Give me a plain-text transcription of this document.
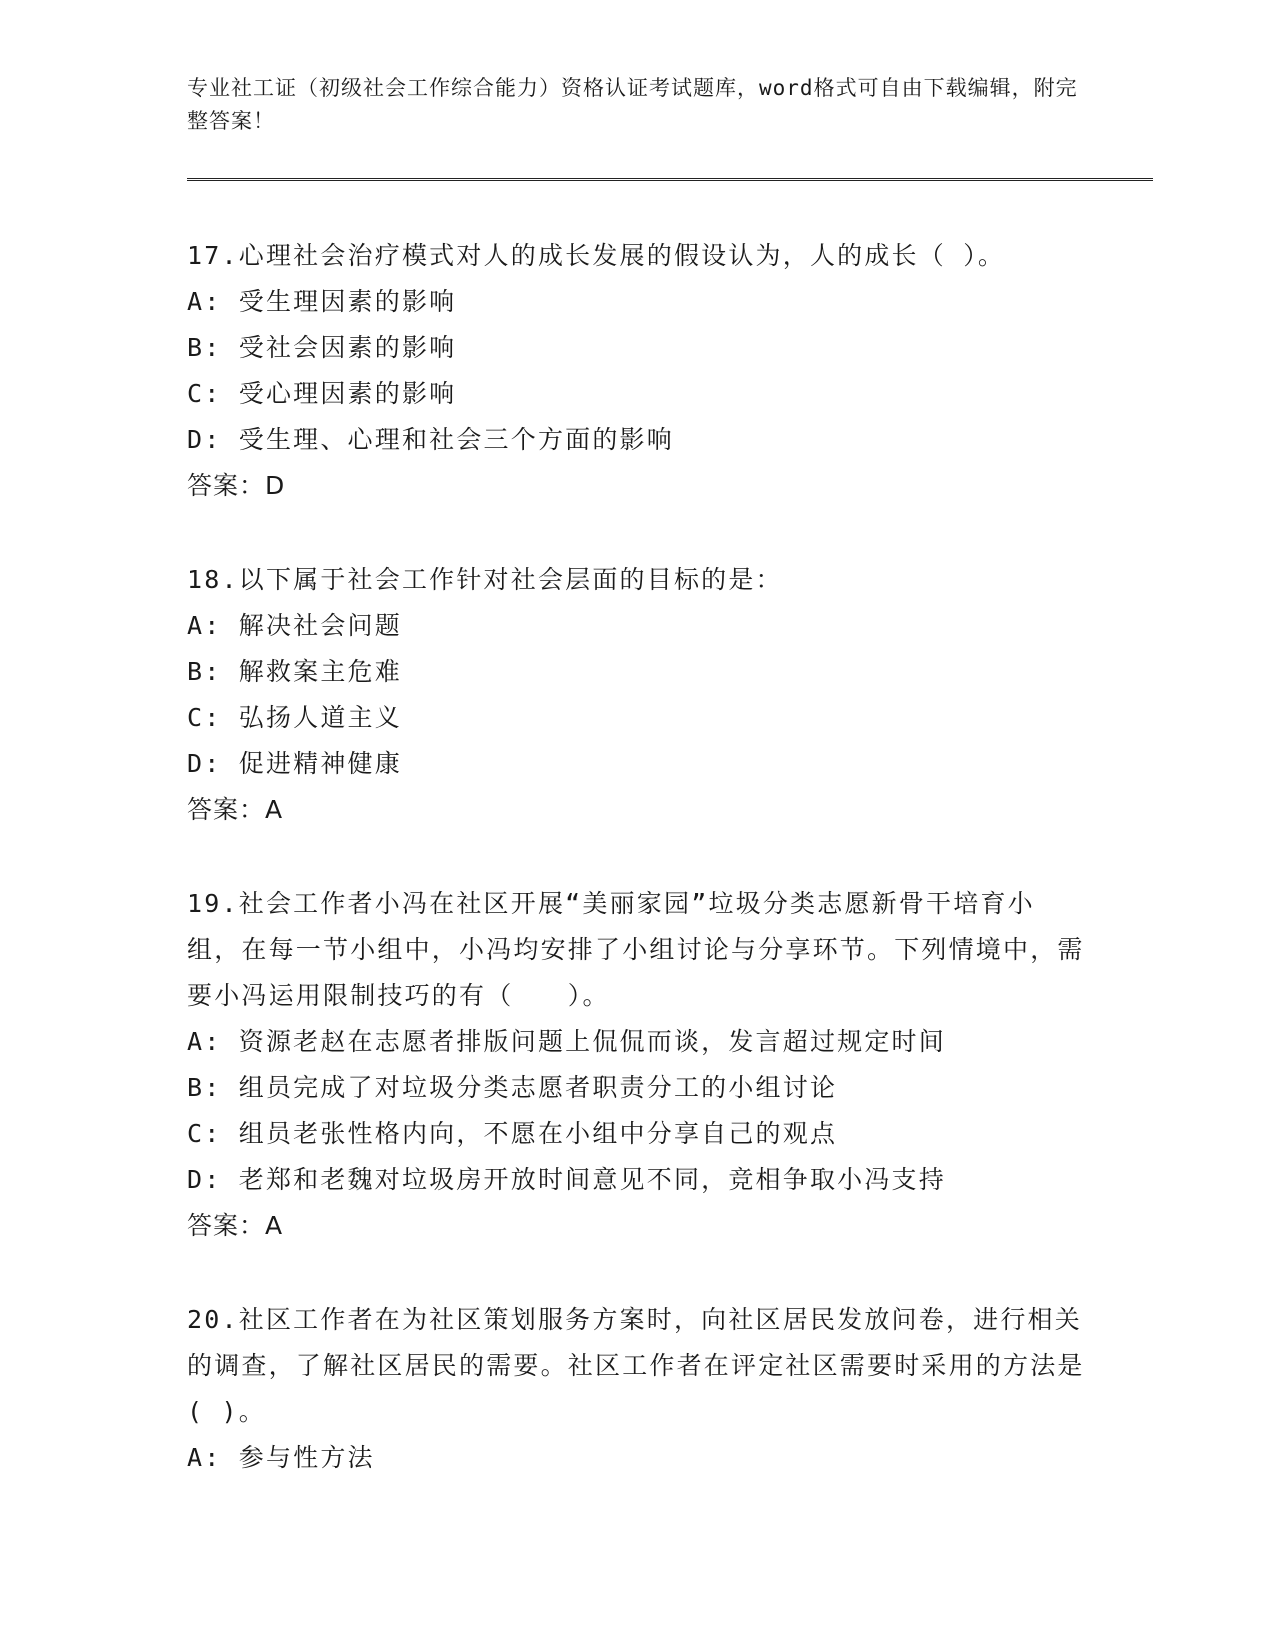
专业社工证（初级社会工作综合能力）资格认证考试题库，word格式可自由下载编辑，附完整答案！

17.心理社会治疗模式对人的成长发展的假设认为，人的成长（ ）。

A: 受生理因素的影响

B: 受社会因素的影响

C: 受心理因素的影响

D: 受生理、心理和社会三个方面的影响

答案：D

18.以下属于社会工作针对社会层面的目标的是：

A: 解决社会问题

B: 解救案主危难

C: 弘扬人道主义

D: 促进精神健康

答案：A

19.社会工作者小冯在社区开展“美丽家园”垃圾分类志愿新骨干培育小组，在每一节小组中，小冯均安排了小组讨论与分享环节。下列情境中，需要小冯运用限制技巧的有（　　）。

A: 资源老赵在志愿者排版问题上侃侃而谈，发言超过规定时间

B: 组员完成了对垃圾分类志愿者职责分工的小组讨论

C: 组员老张性格内向，不愿在小组中分享自己的观点

D: 老郑和老魏对垃圾房开放时间意见不同，竞相争取小冯支持

答案：A

20.社区工作者在为社区策划服务方案时，向社区居民发放问卷，进行相关的调查，了解社区居民的需要。社区工作者在评定社区需要时采用的方法是( )。

A: 参与性方法
